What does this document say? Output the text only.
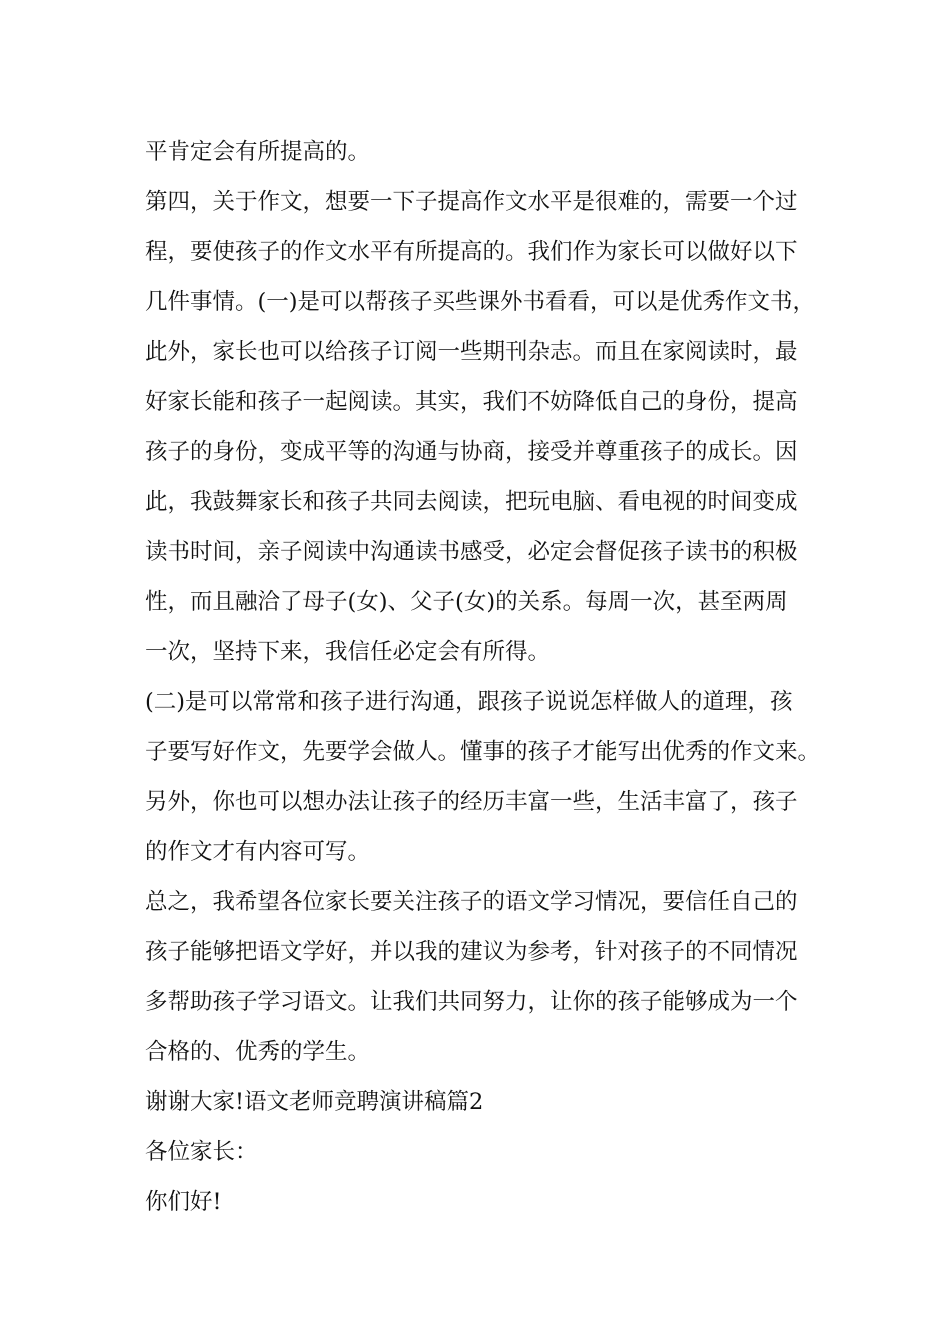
平肯定会有所提高的。

第四，关于作文，想要一下子提高作文水平是很难的，需要一个过

程，要使孩子的作文水平有所提高的。我们作为家长可以做好以下

几件事情。(一)是可以帮孩子买些课外书看看，可以是优秀作文书，

此外，家长也可以给孩子订阅一些期刊杂志。而且在家阅读时，最

好家长能和孩子一起阅读。其实，我们不妨降低自己的身份，提高

孩子的身份，变成平等的沟通与协商，接受并尊重孩子的成长。因

此，我鼓舞家长和孩子共同去阅读，把玩电脑、看电视的时间变成

读书时间，亲子阅读中沟通读书感受，必定会督促孩子读书的积极

性，而且融洽了母子(女)、父子(女)的关系。每周一次，甚至两周

一次，坚持下来，我信任必定会有所得。

(二)是可以常常和孩子进行沟通，跟孩子说说怎样做人的道理，孩

子要写好作文，先要学会做人。懂事的孩子才能写出优秀的作文来。

另外，你也可以想办法让孩子的经历丰富一些，生活丰富了，孩子

的作文才有内容可写。

总之，我希望各位家长要关注孩子的语文学习情况，要信任自己的

孩子能够把语文学好，并以我的建议为参考，针对孩子的不同情况

多帮助孩子学习语文。让我们共同努力，让你的孩子能够成为一个

合格的、优秀的学生。

谢谢大家!语文老师竞聘演讲稿篇2

各位家长：

你们好!
